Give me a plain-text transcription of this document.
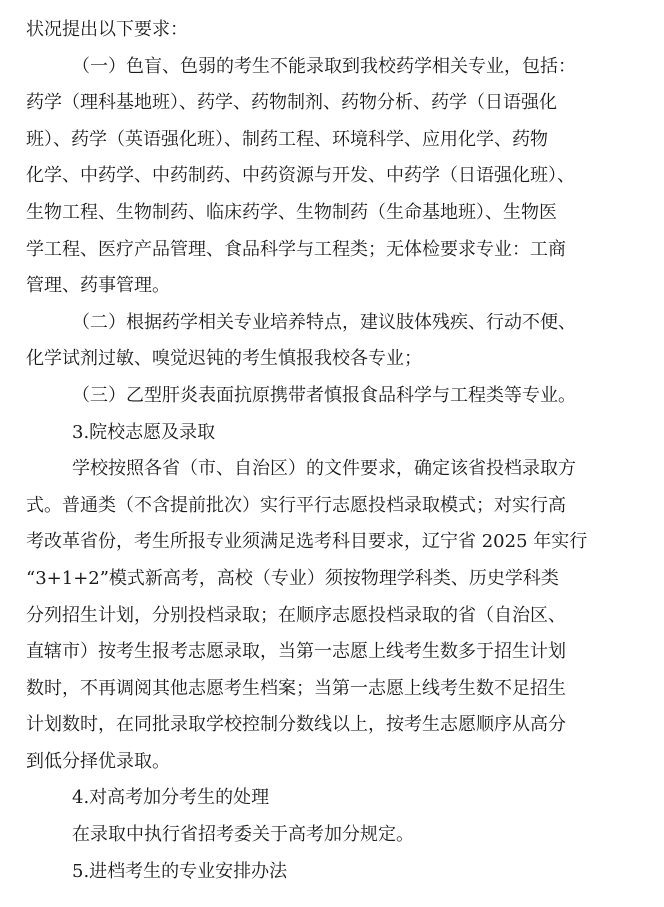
状况提出以下要求：
（一）色盲、色弱的考生不能录取到我校药学相关专业，包括：
药学（理科基地班）、药学、药物制剂、药物分析、药学（日语强化
班）、药学（英语强化班）、制药工程、环境科学、应用化学、药物
化学、中药学、中药制药、中药资源与开发、中药学（日语强化班）、
生物工程、生物制药、临床药学、生物制药（生命基地班）、生物医
学工程、医疗产品管理、食品科学与工程类；无体检要求专业：工商
管理、药事管理。
（二）根据药学相关专业培养特点，建议肢体残疾、行动不便、
化学试剂过敏、嗅觉迟钝的考生慎报我校各专业；
（三）乙型肝炎表面抗原携带者慎报食品科学与工程类等专业。
3.院校志愿及录取
学校按照各省（市、自治区）的文件要求，确定该省投档录取方
式。普通类（不含提前批次）实行平行志愿投档录取模式；对实行高
考改革省份，考生所报专业须满足选考科目要求，辽宁省 2025 年实行
“3+1+2”模式新高考，高校（专业）须按物理学科类、历史学科类
分列招生计划，分别投档录取；在顺序志愿投档录取的省（自治区、
直辖市）按考生报考志愿录取，当第一志愿上线考生数多于招生计划
数时，不再调阅其他志愿考生档案；当第一志愿上线考生数不足招生
计划数时，在同批录取学校控制分数线以上，按考生志愿顺序从高分
到低分择优录取。
4.对高考加分考生的处理
在录取中执行省招考委关于高考加分规定。
5.进档考生的专业安排办法
